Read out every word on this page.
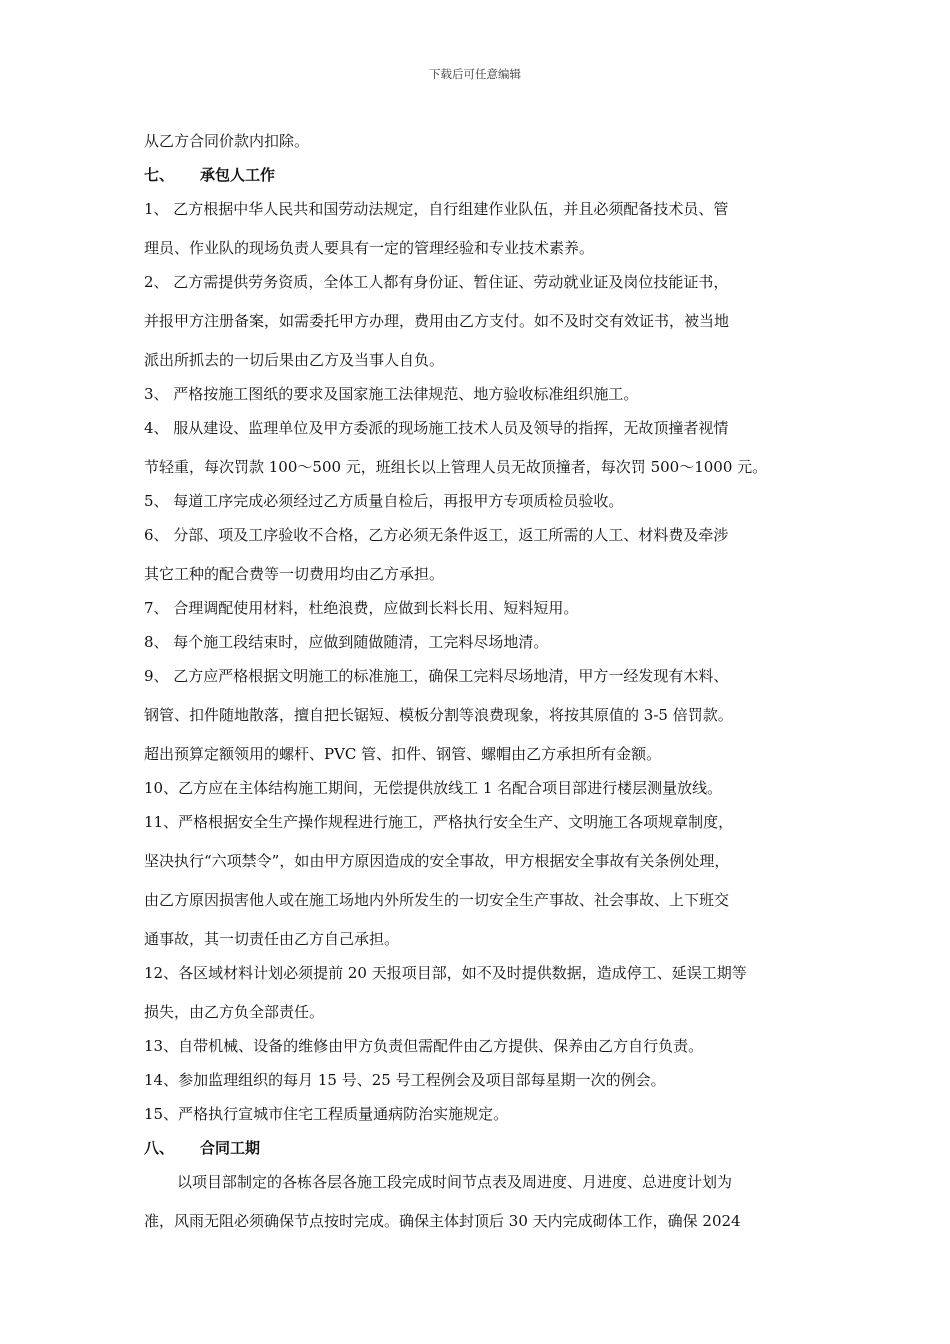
下载后可任意编辑
从乙方合同价款内扣除。
七、 承包人工作
1、 乙方根据中华人民共和国劳动法规定，自行组建作业队伍，并且必须配备技术员、管
理员、作业队的现场负责人要具有一定的管理经验和专业技术素养。
2、 乙方需提供劳务资质，全体工人都有身份证、暂住证、劳动就业证及岗位技能证书，
并报甲方注册备案，如需委托甲方办理，费用由乙方支付。如不及时交有效证书，被当地
派出所抓去的一切后果由乙方及当事人自负。
3、 严格按施工图纸的要求及国家施工法律规范、地方验收标准组织施工。
4、 服从建设、监理单位及甲方委派的现场施工技术人员及领导的指挥，无故顶撞者视情
节轻重，每次罚款 100～500 元，班组长以上管理人员无故顶撞者，每次罚 500～1000 元。
5、 每道工序完成必须经过乙方质量自检后，再报甲方专项质检员验收。
6、 分部、项及工序验收不合格，乙方必须无条件返工，返工所需的人工、材料费及牵涉
其它工种的配合费等一切费用均由乙方承担。
7、 合理调配使用材料，杜绝浪费，应做到长料长用、短料短用。
8、 每个施工段结束时，应做到随做随清，工完料尽场地清。
9、 乙方应严格根据文明施工的标准施工，确保工完料尽场地清，甲方一经发现有木料、
钢管、扣件随地散落，擅自把长锯短、模板分割等浪费现象，将按其原值的 3-5 倍罚款。
超出预算定额领用的螺杆、PVC 管、扣件、钢管、螺帽由乙方承担所有金额。
10、乙方应在主体结构施工期间，无偿提供放线工 1 名配合项目部进行楼层测量放线。
11、严格根据安全生产操作规程进行施工，严格执行安全生产、文明施工各项规章制度，
坚决执行“六项禁令”，如由甲方原因造成的安全事故，甲方根据安全事故有关条例处理，
由乙方原因损害他人或在施工场地内外所发生的一切安全生产事故、社会事故、上下班交
通事故，其一切责任由乙方自己承担。
12、各区域材料计划必须提前 20 天报项目部，如不及时提供数据，造成停工、延误工期等
损失，由乙方负全部责任。
13、自带机械、设备的维修由甲方负责但需配件由乙方提供、保养由乙方自行负责。
14、参加监理组织的每月 15 号、25 号工程例会及项目部每星期一次的例会。
15、严格执行宣城市住宅工程质量通病防治实施规定。
八、 合同工期
以项目部制定的各栋各层各施工段完成时间节点表及周进度、月进度、总进度计划为
准，风雨无阻必须确保节点按时完成。确保主体封顶后 30 天内完成砌体工作，确保 2024
